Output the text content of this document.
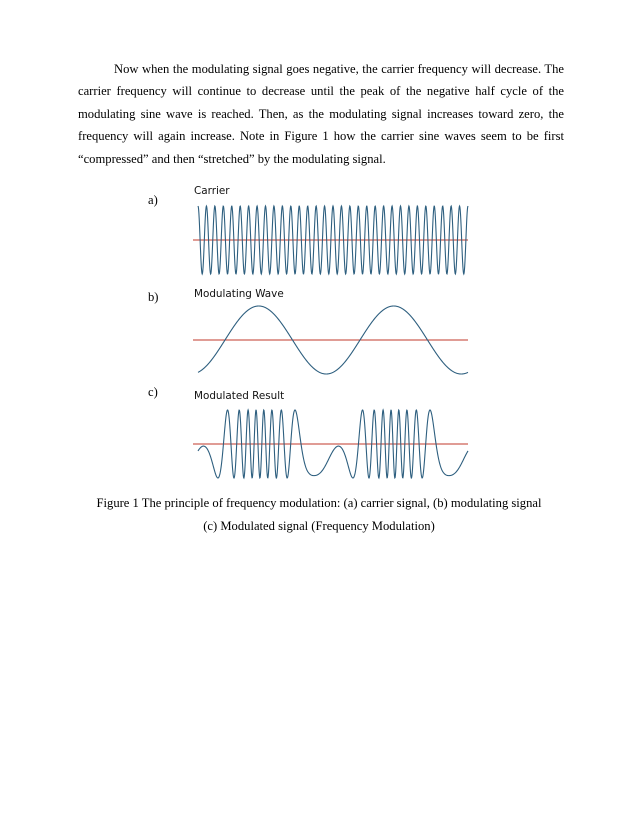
Now when the modulating signal goes negative, the carrier frequency will decrease. The carrier frequency will continue to decrease until the peak of the negative half cycle of the modulating sine wave is reached. Then, as the modulating signal increases toward zero, the frequency will again increase. Note in Figure 1 how the carrier sine waves seem to be first “compressed” and then “stretched” by the modulating signal.

a)
Carrier
b)	Modulating Wave
c)	Modulated Result
Figure 1 The principle of frequency modulation: (a) carrier signal, (b) modulating signal
(c) Modulated signal (Frequency Modulation)
